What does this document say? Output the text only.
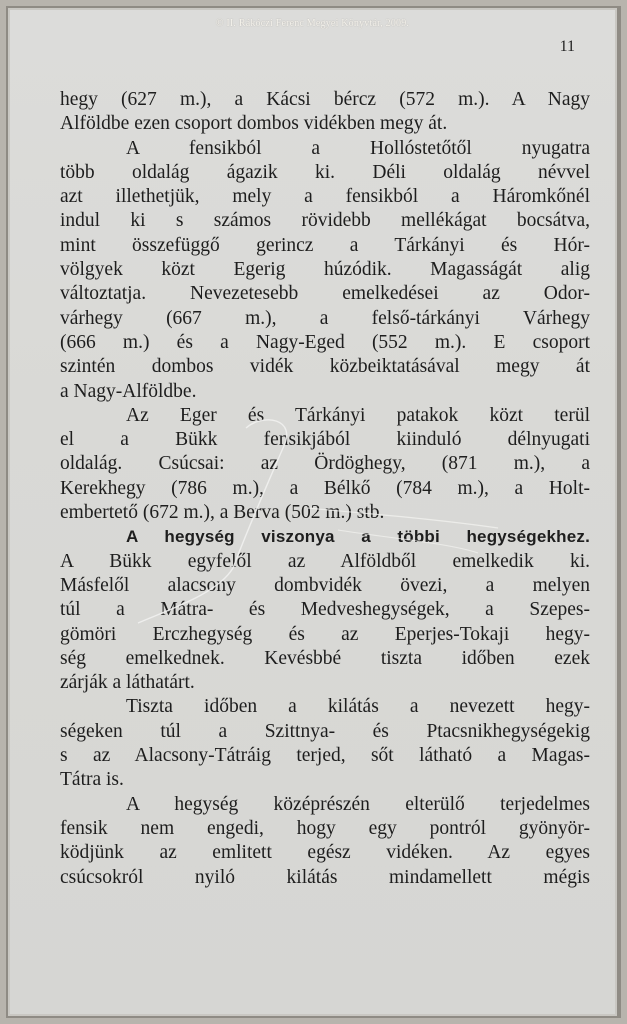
© II. Rákóczi Ferenc Megyei Könyvtár, 2009.
11
hegy (627 m.), a Kácsi bércz (572 m.). A Nagy
Alföldbe ezen csoport dombos vidékben megy át.
A fensikból a Hollóstetőtől nyugatra
több oldalág ágazik ki. Déli oldalág névvel
azt illethetjük, mely a fensikból a Háromkőnél
indul ki s számos rövidebb mellékágat bocsátva,
mint összefüggő gerincz a Tárkányi és Hór-
völgyek közt Egerig húzódik. Magasságát alig
változtatja. Nevezetesebb emelkedései az Odor-
várhegy (667 m.), a felső-tárkányi Várhegy
(666 m.) és a Nagy-Eged (552 m.). E csoport
szintén dombos vidék közbeiktatásával megy át
a Nagy-Alföldbe.
Az Eger és Tárkányi patakok közt terül
el a Bükk fensikjából kiinduló délnyugati
oldalág. Csúcsai: az Ördöghegy, (871 m.), a
Kerekhegy (786 m.), a Bélkő (784 m.), a Holt-
embertető (672 m.), a Berva (502 m.) stb.
A hegység viszonya a többi hegységekhez.
A Bükk egyfelől az Alföldből emelkedik ki.
Másfelől alacsony dombvidék övezi, a melyen
túl a Mátra- és Medveshegységek, a Szepes-
gömöri Erczhegység és az Eperjes-Tokaji hegy-
ség emelkednek. Kevésbbé tiszta időben ezek
zárják a láthatárt.
Tiszta időben a kilátás a nevezett hegy-
ségeken túl a Szittnya- és Ptacsnikhegységekig
s az Alacsony-Tátráig terjed, sőt látható a Magas-
Tátra is.
A hegység középrészén elterülő terjedelmes
fensik nem engedi, hogy egy pontról gyönyör-
ködjünk az emlitett egész vidéken. Az egyes
csúcsokról nyiló kilátás mindamellett mégis
